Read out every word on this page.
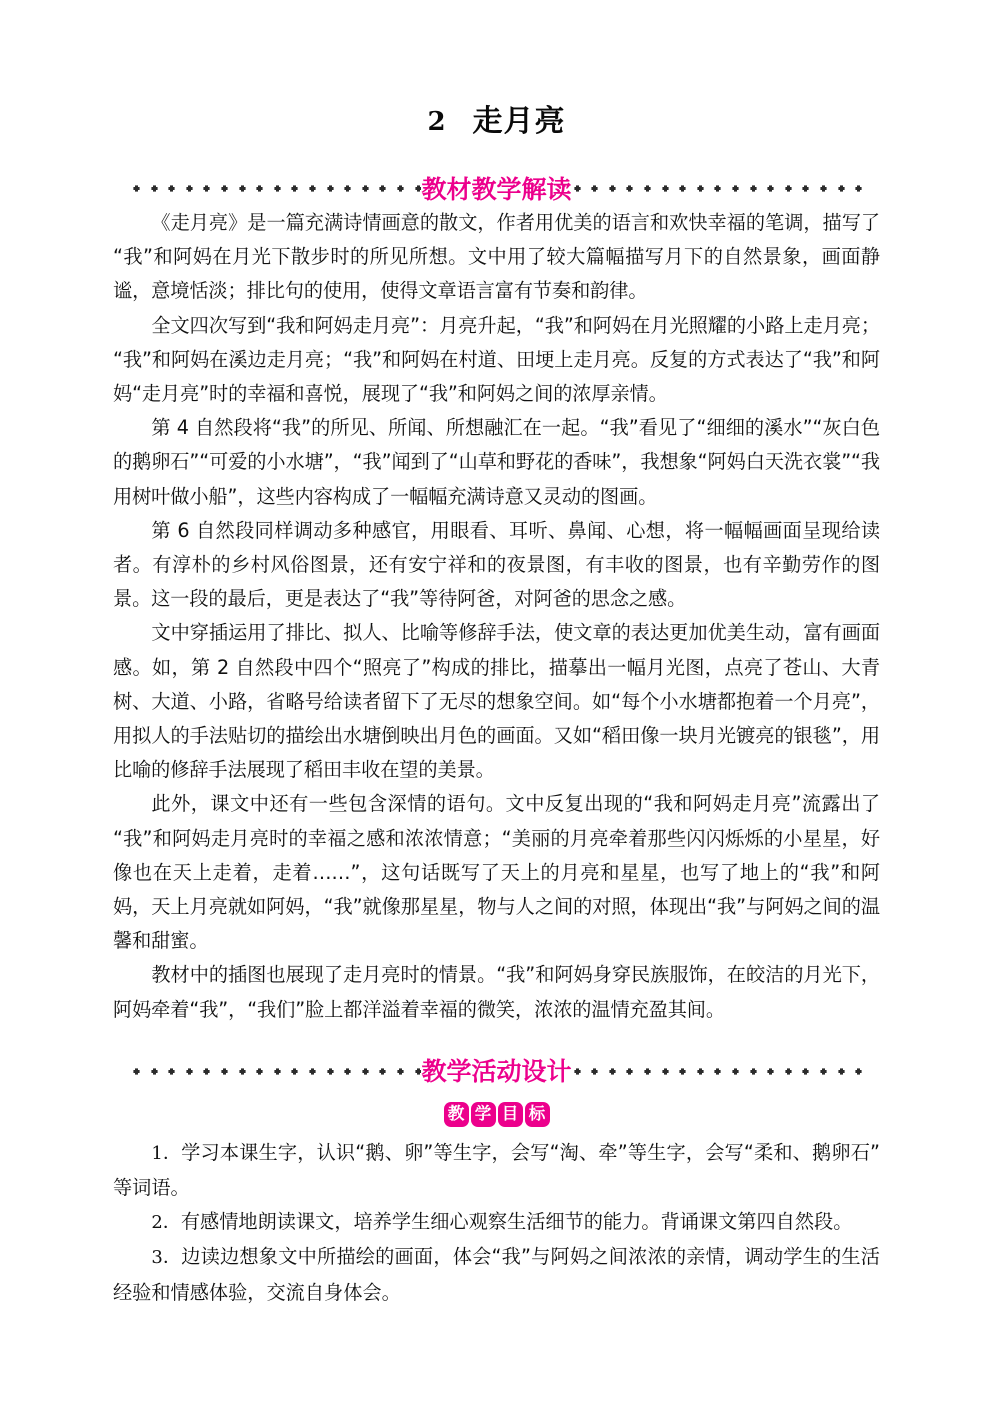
2 走月亮
教材教学解读

《走月亮》是一篇充满诗情画意的散文，作者用优美的语言和欢快幸福的笔调，描写了“我”和阿妈在月光下散步时的所见所想。文中用了较大篇幅描写月下的自然景象，画面静谧，意境恬淡；排比句的使用，使得文章语言富有节奏和韵律。

全文四次写到“我和阿妈走月亮”：月亮升起，“我”和阿妈在月光照耀的小路上走月亮；“我”和阿妈在溪边走月亮；“我”和阿妈在村道、田埂上走月亮。反复的方式表达了“我”和阿妈“走月亮”时的幸福和喜悦，展现了“我”和阿妈之间的浓厚亲情。

第 4 自然段将“我”的所见、所闻、所想融汇在一起。“我”看见了“细细的溪水”“灰白色的鹅卵石”“可爱的小水塘”，“我”闻到了“山草和野花的香味”，我想象“阿妈白天洗衣裳”“我用树叶做小船”，这些内容构成了一幅幅充满诗意又灵动的图画。

第 6 自然段同样调动多种感官，用眼看、耳听、鼻闻、心想，将一幅幅画面呈现给读者。有淳朴的乡村风俗图景，还有安宁祥和的夜景图，有丰收的图景，也有辛勤劳作的图景。这一段的最后，更是表达了“我”等待阿爸，对阿爸的思念之感。

文中穿插运用了排比、拟人、比喻等修辞手法，使文章的表达更加优美生动，富有画面感。如，第 2 自然段中四个“照亮了”构成的排比，描摹出一幅月光图，点亮了苍山、大青树、大道、小路，省略号给读者留下了无尽的想象空间。如“每个小水塘都抱着一个月亮”，用拟人的手法贴切的描绘出水塘倒映出月色的画面。又如“稻田像一块月光镀亮的银毯”，用比喻的修辞手法展现了稻田丰收在望的美景。

此外，课文中还有一些包含深情的语句。文中反复出现的“我和阿妈走月亮”流露出了“我”和阿妈走月亮时的幸福之感和浓浓情意；“美丽的月亮牵着那些闪闪烁烁的小星星，好像也在天上走着，走着……”，这句话既写了天上的月亮和星星，也写了地上的“我”和阿妈，天上月亮就如阿妈，“我”就像那星星，物与人之间的对照，体现出“我”与阿妈之间的温馨和甜蜜。

教材中的插图也展现了走月亮时的情景。“我”和阿妈身穿民族服饰，在皎洁的月光下，阿妈牵着“我”，“我们”脸上都洋溢着幸福的微笑，浓浓的温情充盈其间。

教学活动设计
教 学 目 标

1．学习本课生字，认识“鹅、卵”等生字，会写“淘、牵”等生字，会写“柔和、鹅卵石”等词语。

2．有感情地朗读课文，培养学生细心观察生活细节的能力。背诵课文第四自然段。

3．边读边想象文中所描绘的画面，体会“我”与阿妈之间浓浓的亲情，调动学生的生活经验和情感体验，交流自身体会。
